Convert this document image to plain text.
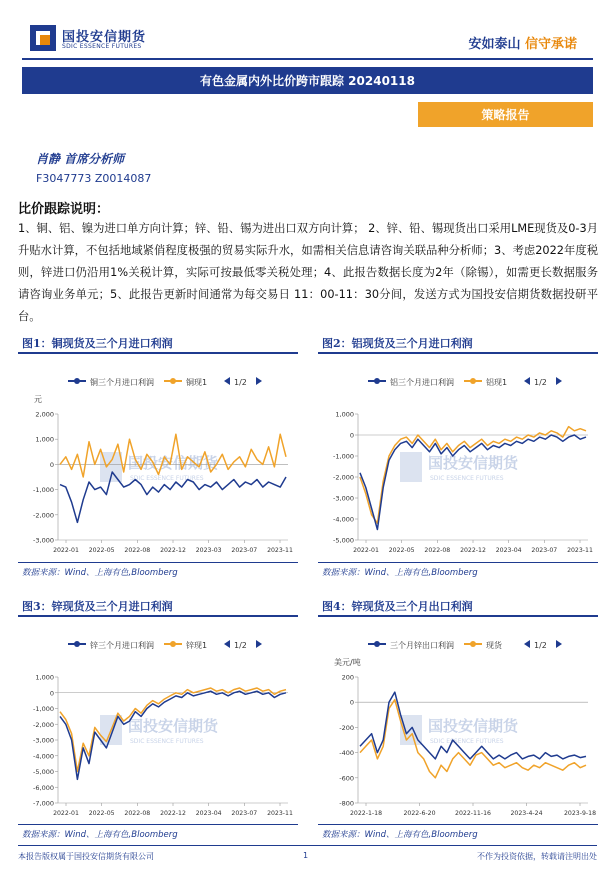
国投安信期货
SDIC ESSENCE FUTURES	安如泰山 信守承诺
有色金属内外比价跨市跟踪 20240118
策略报告
肖静 首席分析师
F3047773 Z0014087
比价跟踪说明：
1、铜、铝、镍为进口单方向计算；锌、铅、锡为进出口双方向计算； 2、锌、铅、锡现货出口采用LME现货及0-3月升贴水计算，不包括地域紧俏程度极强的贸易实际升水，如需相关信息请咨询关联品种分析师；3、考虑2022年度税则，锌进口仍沿用1%关税计算，实际可按最低零关税处理；4、此报告数据长度为2年（除锡），如需更长数据服务请咨询业务单元；5、此报告更新时间通常为每交易日 11：00-11：30分间，发送方式为国投安信期货数据投研平台。
图1：铜现货及三个月进口利润
国投安信期货
SDIC ESSENCE FUTURES
铜三个月进口利润	铜现1	1/2
元
2,000
1,000
0
-1,000
-2,000
-3,000
2022-01 2022-05 2022-08 2022-12 2023-03 2023-07 2023-11
数据来源：Wind、上海有色,Bloomberg
图2：铝现货及三个月进口利润
国投安信期货
SDIC ESSENCE FUTURES
铝三个月进口利润	铝现1	1/2
1,000
0
-1,000
-2,000
-3,000
-4,000
-5,000
2022-01 2022-05 2022-08 2022-12 2023-04 2023-07 2023-11
数据来源：Wind、上海有色,Bloomberg
图3：锌现货及三个月进口利润
国投安信期货
SDIC ESSENCE FUTURES
锌三个月进口利润	锌现1	1/2
1,000
0
-1,000
-2,000
-3,000
-4,000
-5,000
-6,000
-7,000
2022-01 2022-05 2022-08 2022-12 2023-04 2023-07 2023-11
数据来源：Wind、上海有色,Bloomberg
图4：锌现货及三个月出口利润
国投安信期货
SDIC ESSENCE FUTURES
三个月锌出口利润	现货	1/2
美元/吨
200
0
-200
-400
-600
-800
2022-1-18	2022-6-20	2022-11-16	2023-4-24	2023-9-18
数据来源：Wind、上海有色,Bloomberg
本报告版权属于国投安信期货有限公司	1	不作为投资依据，转载请注明出处
